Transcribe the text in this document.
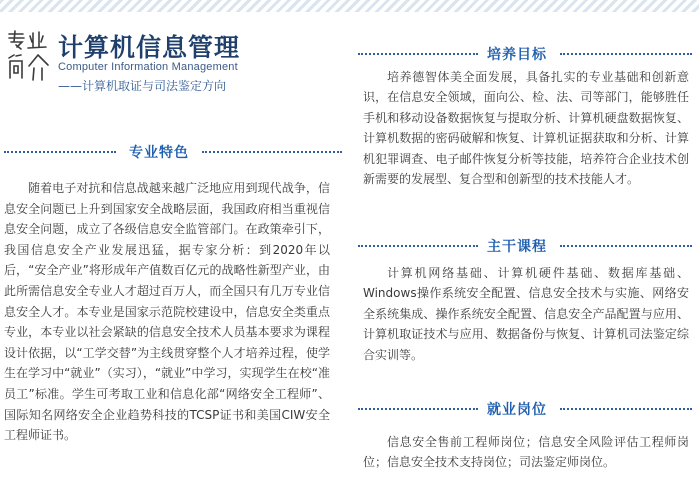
计算机信息管理
Computer Information Management
——计算机取证与司法鉴定方向
专业特色
随着电子对抗和信息战越来越广泛地应用到现代战争，信息安全问题已上升到国家安全战略层面，我国政府相当重视信息安全问题，成立了各级信息安全监管部门。在政策牵引下，我国信息安全产业发展迅猛，据专家分析：到2020年以后，“安全产业”将形成年产值数百亿元的战略性新型产业，由此所需信息安全专业人才超过百万人，而全国只有几万专业信息安全人才。本专业是国家示范院校建设中，信息安全类重点专业，本专业以社会紧缺的信息安全技术人员基本要求为课程设计依据，以“工学交替”为主线贯穿整个人才培养过程，使学生在学习中“就业”（实习），“就业”中学习，实现学生在校“准员工”标准。学生可考取工业和信息化部“网络安全工程师”、国际知名网络安全企业趋势科技的TCSP证书和美国CIW安全工程师证书。
培养目标
培养德智体美全面发展，具备扎实的专业基础和创新意识，在信息安全领域，面向公、检、法、司等部门，能够胜任手机和移动设备数据恢复与提取分析、计算机硬盘数据恢复、计算机数据的密码破解和恢复、计算机证据获取和分析、计算机犯罪调查、电子邮件恢复分析等技能，培养符合企业技术创新需要的发展型、复合型和创新型的技术技能人才。
主干课程
计算机网络基础、计算机硬件基础、数据库基础、Windows操作系统安全配置、信息安全技术与实施、网络安全系统集成、操作系统安全配置、信息安全产品配置与应用、计算机取证技术与应用、数据备份与恢复、计算机司法鉴定综合实训等。
就业岗位
信息安全售前工程师岗位；信息安全风险评估工程师岗位；信息安全技术支持岗位；司法鉴定师岗位。
